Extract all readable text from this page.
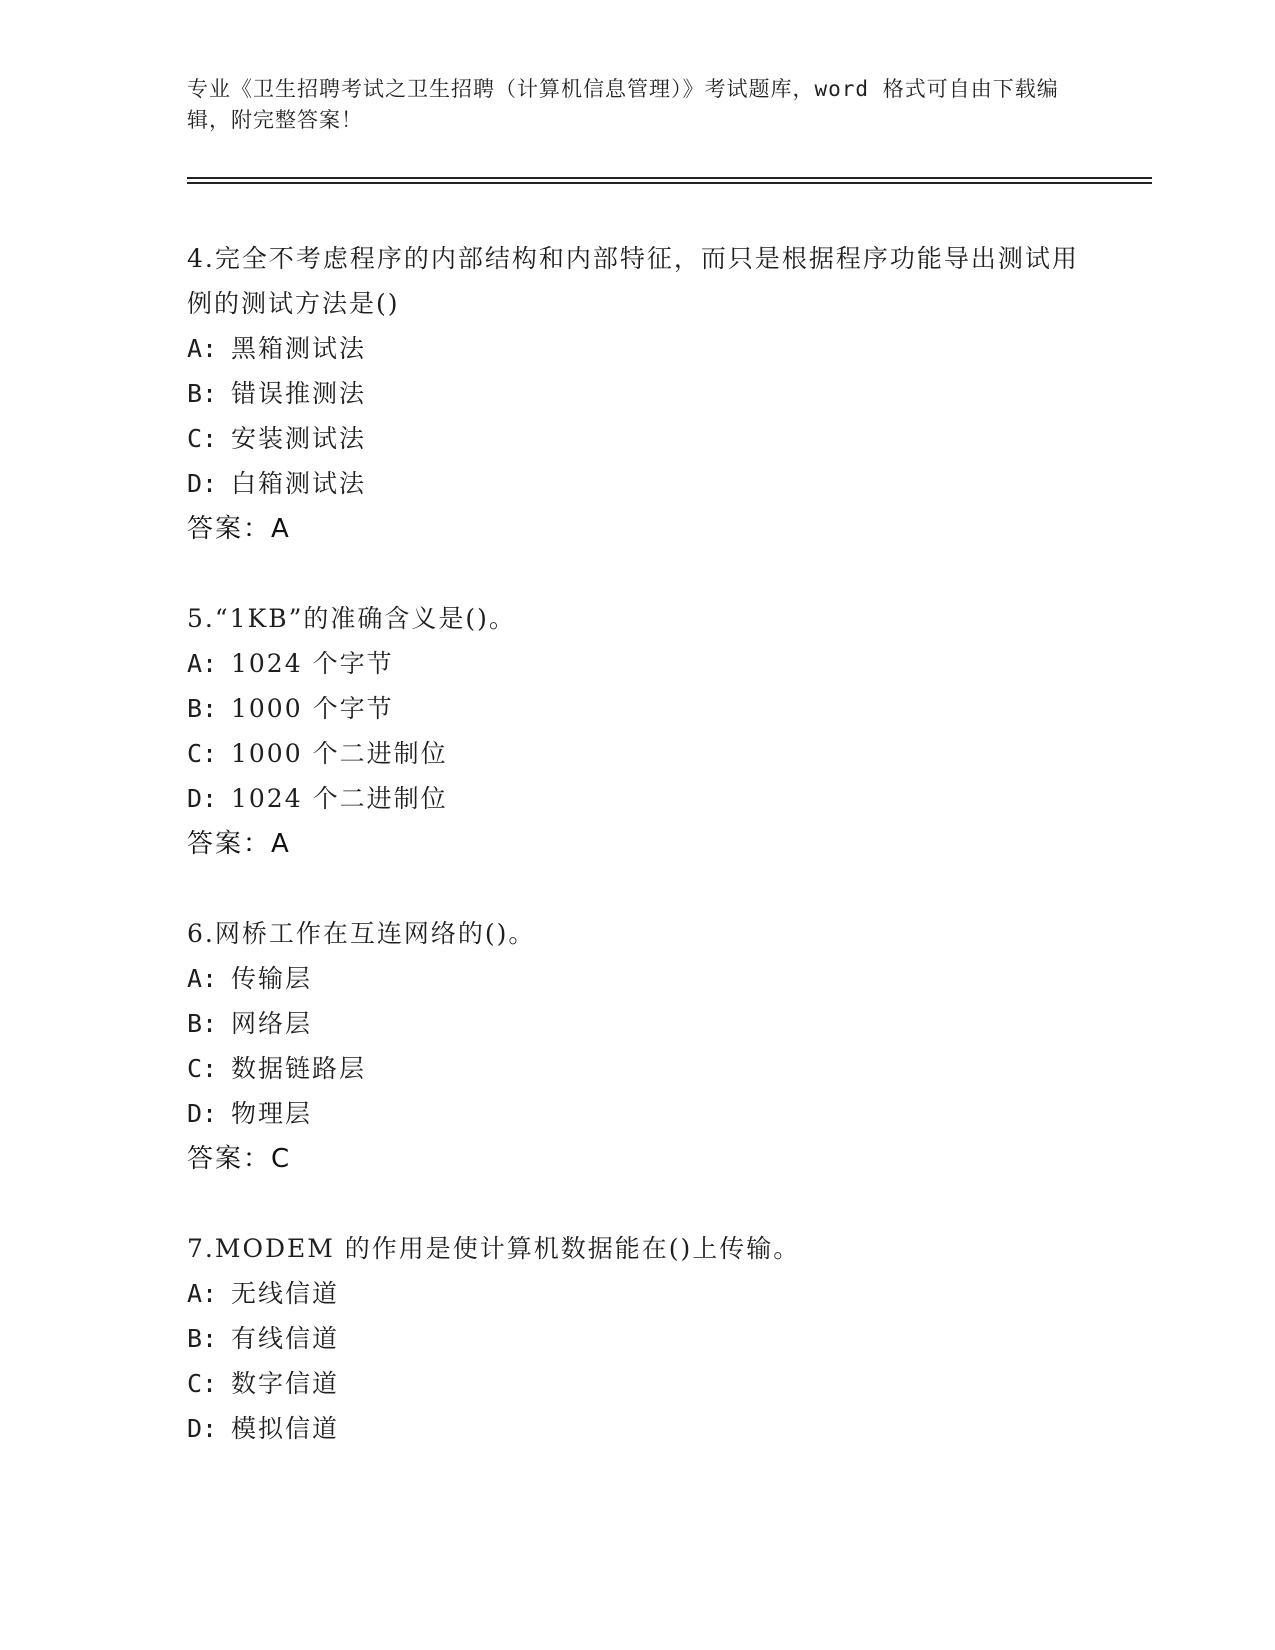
专业《卫生招聘考试之卫生招聘（计算机信息管理）》考试题库，word 格式可自由下载编辑，附完整答案！

4.完全不考虑程序的内部结构和内部特征，而只是根据程序功能导出测试用例的测试方法是()

A: 黑箱测试法

B: 错误推测法

C: 安装测试法

D: 白箱测试法

答案：A

5.“1KB”的准确含义是()。

A: 1024 个字节

B: 1000 个字节

C: 1000 个二进制位

D: 1024 个二进制位

答案：A

6.网桥工作在互连网络的()。

A: 传输层

B: 网络层

C: 数据链路层

D: 物理层

答案：C

7.MODEM 的作用是使计算机数据能在()上传输。

A: 无线信道

B: 有线信道

C: 数字信道

D: 模拟信道
